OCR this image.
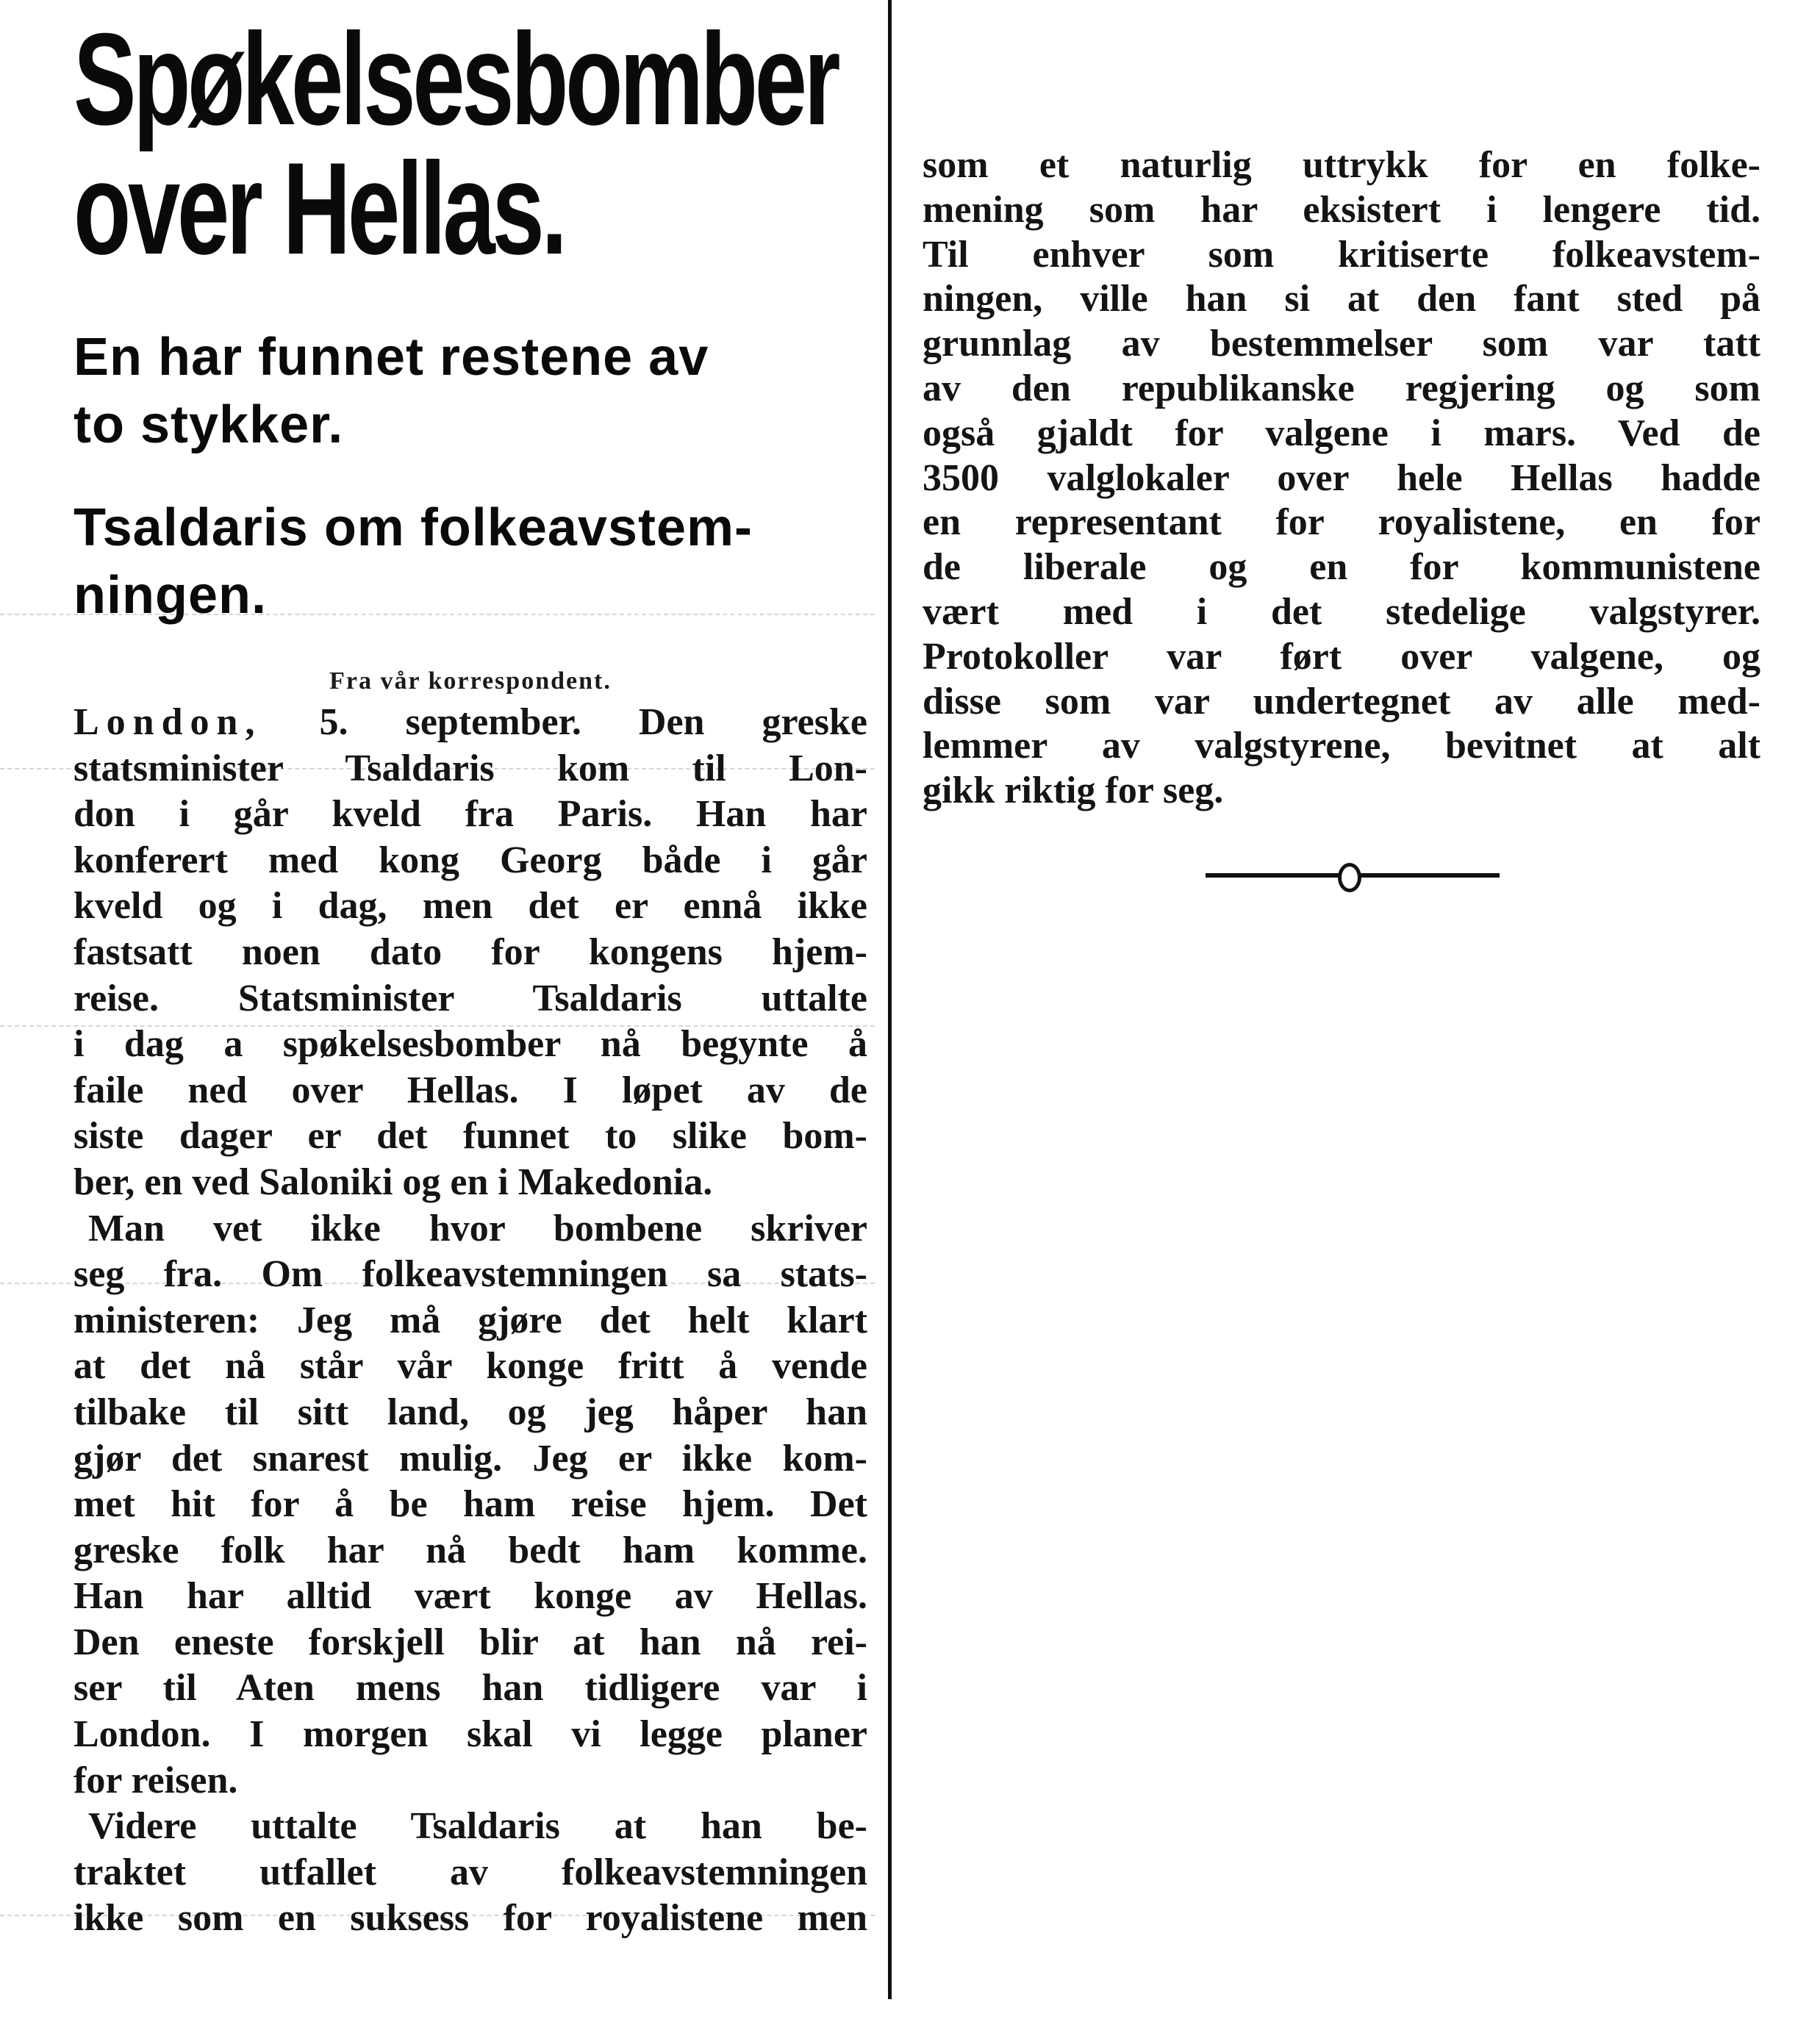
Spøkelsesbomber
over Hellas.
En har funnet restene av
to stykker.
Tsaldaris om folkeavstem-
ningen.
Fra vår korrespondent.
London, 5. september. Den greske
statsminister Tsaldaris kom til Lon-
don i går kveld fra Paris. Han har
konferert med kong Georg både i går
kveld og i dag, men det er ennå ikke
fastsatt noen dato for kongens hjem-
reise. Statsminister Tsaldaris uttalte
i dag a spøkelsesbomber nå begynte å
faile ned over Hellas. I løpet av de
siste dager er det funnet to slike bom-
ber, en ved Saloniki og en i Makedonia.
Man vet ikke hvor bombene skriver
seg fra. Om folkeavstemningen sa stats-
ministeren: Jeg må gjøre det helt klart
at det nå står vår konge fritt å vende
tilbake til sitt land, og jeg håper han
gjør det snarest mulig. Jeg er ikke kom-
met hit for å be ham reise hjem. Det
greske folk har nå bedt ham komme.
Han har alltid vært konge av Hellas.
Den eneste forskjell blir at han nå rei-
ser til Aten mens han tidligere var i
London. I morgen skal vi legge planer
for reisen.
Videre uttalte Tsaldaris at han be-
traktet utfallet av folkeavstemningen
ikke som en suksess for royalistene men
som et naturlig uttrykk for en folke-
mening som har eksistert i lengere tid.
Til enhver som kritiserte folkeavstem-
ningen, ville han si at den fant sted på
grunnlag av bestemmelser som var tatt
av den republikanske regjering og som
også gjaldt for valgene i mars. Ved de
3500 valglokaler over hele Hellas hadde
en representant for royalistene, en for
de liberale og en for kommunistene
vært med i det stedelige valgstyrer.
Protokoller var ført over valgene, og
disse som var undertegnet av alle med-
lemmer av valgstyrene, bevitnet at alt
gikk riktig for seg.
